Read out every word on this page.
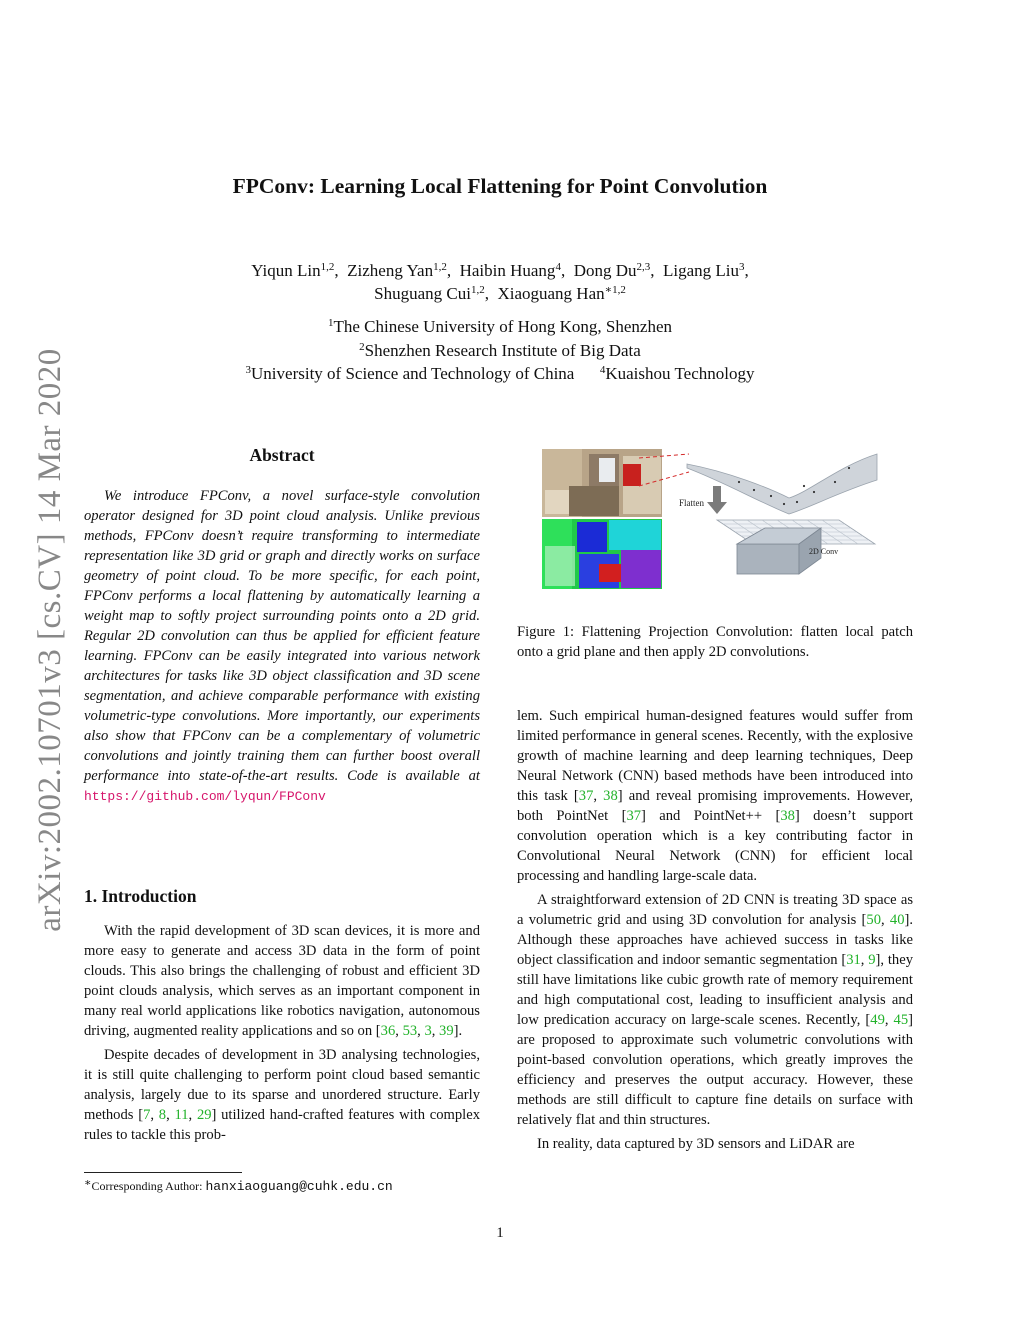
arXiv:2002.10701v3 [cs.CV] 14 Mar 2020
FPConv: Learning Local Flattening for Point Convolution
Yiqun Lin$^{1,2}$,  Zizheng Yan$^{1,2}$,  Haibin Huang$^4$,  Dong Du$^{2,3}$,  Ligang Liu$^3$,
Shuguang Cui$^{1,2}$,  Xiaoguang Han$^{∗1,2}$
$^1$The Chinese University of Hong Kong, Shenzhen
$^2$Shenzhen Research Institute of Big Data
$^3$University of Science and Technology of China $^4$Kuaishou Technology
Abstract

We introduce FPConv, a novel surface-style convolution operator designed for 3D point cloud analysis. Unlike previous methods, FPConv doesn’t require transforming to intermediate representation like 3D grid or graph and directly works on surface geometry of point cloud. To be more specific, for each point, FPConv performs a local flattening by automatically learning a weight map to softly project surrounding points onto a 2D grid. Regular 2D convolution can thus be applied for efficient feature learning. FPConv can be easily integrated into various network architectures for tasks like 3D object classification and 3D scene segmentation, and achieve comparable performance with existing volumetric-type convolutions. More importantly, our experiments also show that FPConv can be a complementary of volumetric convolutions and jointly training them can further boost overall performance into state-of-the-art results. Code is available at https://github.com/lyqun/FPConv

1. Introduction

With the rapid development of 3D scan devices, it is more and more easy to generate and access 3D data in the form of point clouds. This also brings the challenging of robust and efficient 3D point clouds analysis, which serves as an important component in many real world applications like robotics navigation, autonomous driving, augmented reality applications and so on [36, 53, 3, 39].

Despite decades of development in 3D analysing technologies, it is still quite challenging to perform point cloud based semantic analysis, largely due to its sparse and unordered structure. Early methods [7, 8, 11, 29] utilized hand-crafted features with complex rules to tackle this prob-

∗Corresponding Author: hanxiaoguang@cuhk.edu.cn
Flatten
2D Conv
Figure 1: Flattening Projection Convolution: flatten local patch onto a grid plane and then apply 2D convolutions.

lem. Such empirical human-designed features would suffer from limited performance in general scenes. Recently, with the explosive growth of machine learning and deep learning techniques, Deep Neural Network (CNN) based methods have been introduced into this task [37, 38] and reveal promising improvements. However, both PointNet [37] and PointNet++ [38] doesn’t support convolution operation which is a key contributing factor in Convolutional Neural Network (CNN) for efficient local processing and handling large-scale data.

A straightforward extension of 2D CNN is treating 3D space as a volumetric grid and using 3D convolution for analysis [50, 40]. Although these approaches have achieved success in tasks like object classification and indoor semantic segmentation [31, 9], they still have limitations like cubic growth rate of memory requirement and high computational cost, leading to insufficient analysis and low predication accuracy on large-scale scenes. Recently, [49, 45] are proposed to approximate such volumetric convolutions with point-based convolution operations, which greatly improves the efficiency and preserves the output accuracy. However, these methods are still difficult to capture fine details on surface with relatively flat and thin structures.

In reality, data captured by 3D sensors and LiDAR are

1
